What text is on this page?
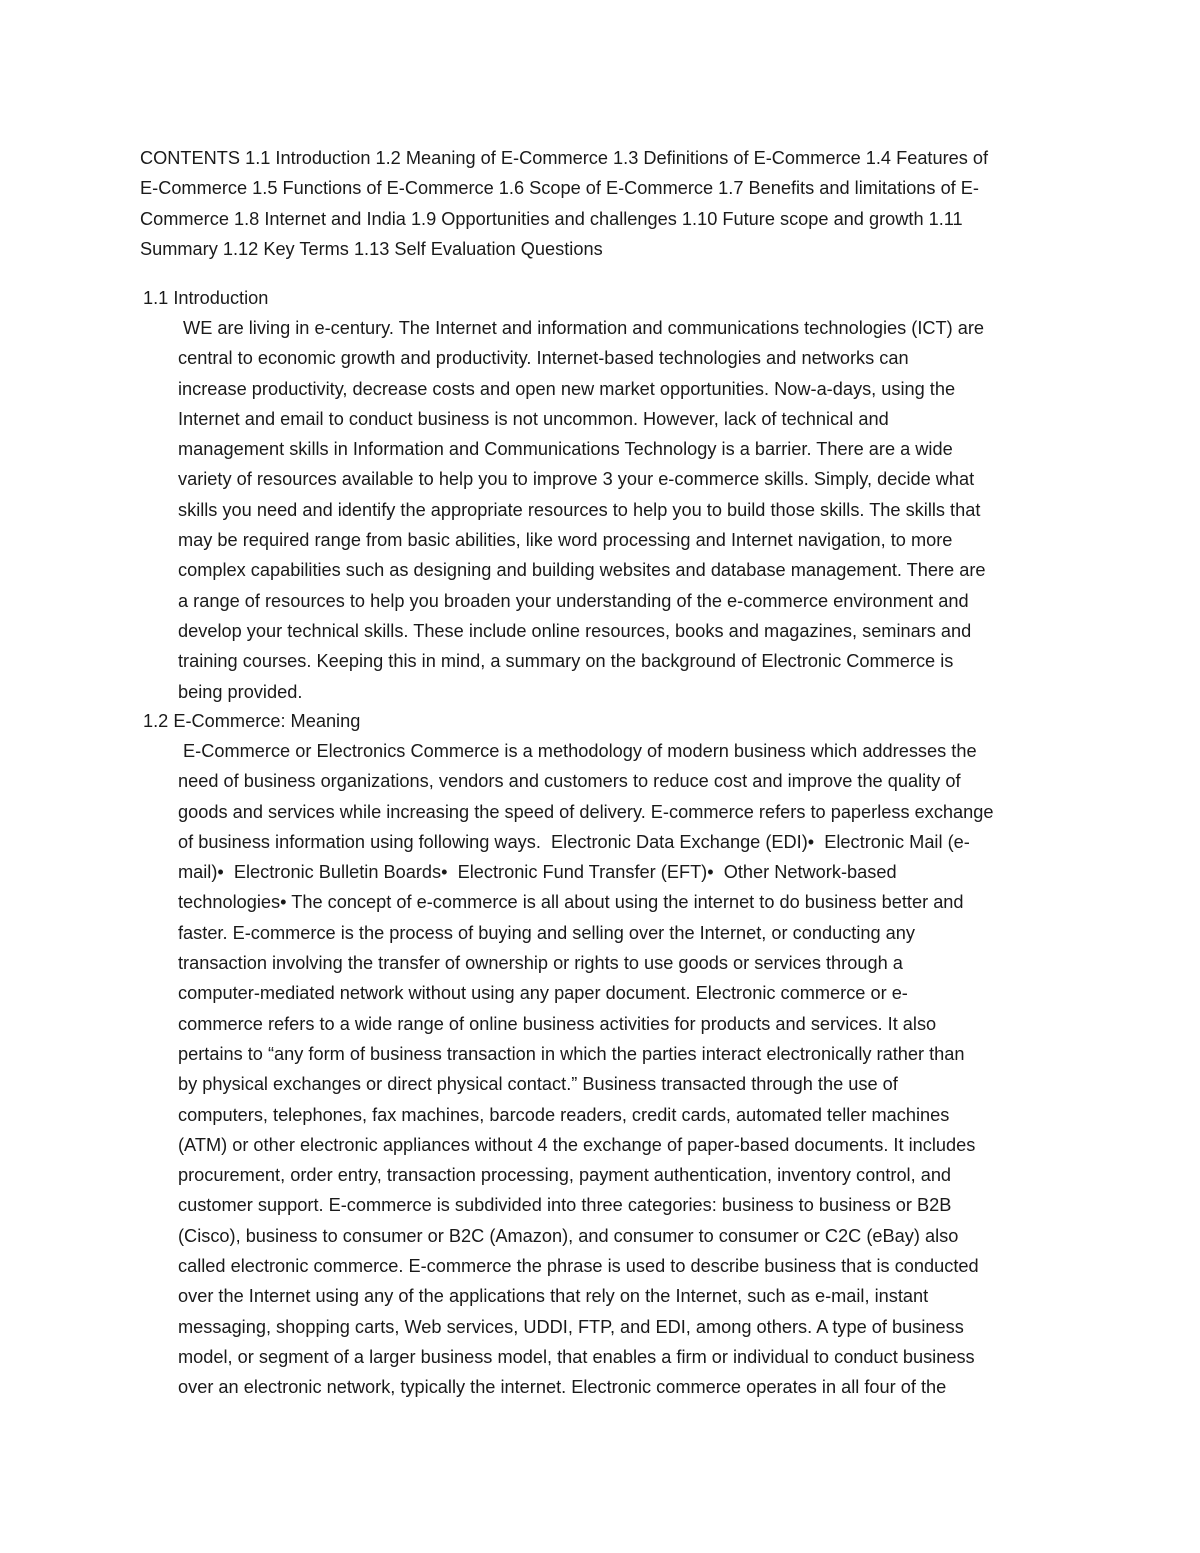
CONTENTS 1.1 Introduction 1.2 Meaning of E-Commerce 1.3 Definitions of E-Commerce 1.4 Features of
E-Commerce 1.5 Functions of E-Commerce 1.6 Scope of E-Commerce 1.7 Benefits and limitations of E-
Commerce 1.8 Internet and India 1.9 Opportunities and challenges 1.10 Future scope and growth 1.11
Summary 1.12 Key Terms 1.13 Self Evaluation Questions
1.1 Introduction
WE are living in e-century. The Internet and information and communications technologies (ICT) are
central to economic growth and productivity. Internet-based technologies and networks can
increase productivity, decrease costs and open new market opportunities. Now-a-days, using the
Internet and email to conduct business is not uncommon. However, lack of technical and
management skills in Information and Communications Technology is a barrier. There are a wide
variety of resources available to help you to improve 3 your e-commerce skills. Simply, decide what
skills you need and identify the appropriate resources to help you to build those skills. The skills that
may be required range from basic abilities, like word processing and Internet navigation, to more
complex capabilities such as designing and building websites and database management. There are
a range of resources to help you broaden your understanding of the e-commerce environment and
develop your technical skills. These include online resources, books and magazines, seminars and
training courses. Keeping this in mind, a summary on the background of Electronic Commerce is
being provided.
1.2 E-Commerce: Meaning
E-Commerce or Electronics Commerce is a methodology of modern business which addresses the
need of business organizations, vendors and customers to reduce cost and improve the quality of
goods and services while increasing the speed of delivery. E-commerce refers to paperless exchange
of business information using following ways.  Electronic Data Exchange (EDI)•  Electronic Mail (e-
mail)•  Electronic Bulletin Boards•  Electronic Fund Transfer (EFT)•  Other Network-based
technologies• The concept of e-commerce is all about using the internet to do business better and
faster. E-commerce is the process of buying and selling over the Internet, or conducting any
transaction involving the transfer of ownership or rights to use goods or services through a
computer-mediated network without using any paper document. Electronic commerce or e-
commerce refers to a wide range of online business activities for products and services. It also
pertains to “any form of business transaction in which the parties interact electronically rather than
by physical exchanges or direct physical contact.” Business transacted through the use of
computers, telephones, fax machines, barcode readers, credit cards, automated teller machines
(ATM) or other electronic appliances without 4 the exchange of paper-based documents. It includes
procurement, order entry, transaction processing, payment authentication, inventory control, and
customer support. E-commerce is subdivided into three categories: business to business or B2B
(Cisco), business to consumer or B2C (Amazon), and consumer to consumer or C2C (eBay) also
called electronic commerce. E-commerce the phrase is used to describe business that is conducted
over the Internet using any of the applications that rely on the Internet, such as e-mail, instant
messaging, shopping carts, Web services, UDDI, FTP, and EDI, among others. A type of business
model, or segment of a larger business model, that enables a firm or individual to conduct business
over an electronic network, typically the internet. Electronic commerce operates in all four of the
